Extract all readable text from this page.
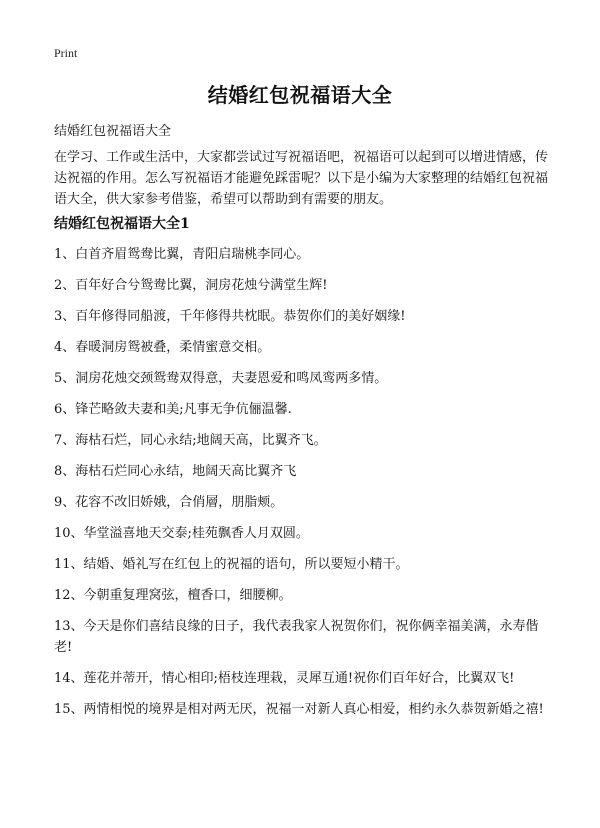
Print
结婚红包祝福语大全

结婚红包祝福语大全

在学习、工作或生活中，大家都尝试过写祝福语吧，祝福语可以起到可以增进情感，传达祝福的作用。怎么写祝福语才能避免踩雷呢？以下是小编为大家整理的结婚红包祝福语大全，供大家参考借鉴，希望可以帮助到有需要的朋友。

结婚红包祝福语大全1
1、白首齐眉鸳鸯比翼，青阳启瑞桃李同心。
2、百年好合兮鸳鸯比翼，洞房花烛兮满堂生辉!
3、百年修得同船渡，千年修得共枕眠。恭贺你们的美好姻缘!
4、春暖洞房鸳被叠，柔情蜜意交相。
5、洞房花烛交颈鸳鸯双得意，夫妻恩爱和鸣凤鸾两多情。
6、锋芒略敛夫妻和美;凡事无争伉俪温馨.
7、海枯石烂，同心永结;地阔天高，比翼齐飞。
8、海枯石烂同心永结，地阔天高比翼齐飞
9、花容不改旧娇娥，合俏層，朋脂颊。
10、华堂溢喜地天交泰;桂苑飘香人月双圆。
11、结婚、婚礼写在红包上的祝福的语句，所以要短小精干。
12、今朝重复理窝弦，檀香口，细腰柳。
13、今天是你们喜结良缘的日子，我代表我家人祝贺你们，祝你俩幸福美满，永寿偕老!
14、莲花并蒂开，情心相印;梧枝连理栽，灵犀互通!祝你们百年好合，比翼双飞!
15、两情相悦的境界是相对两无厌，祝福一对新人真心相爱，相约永久恭贺新婚之禧!
